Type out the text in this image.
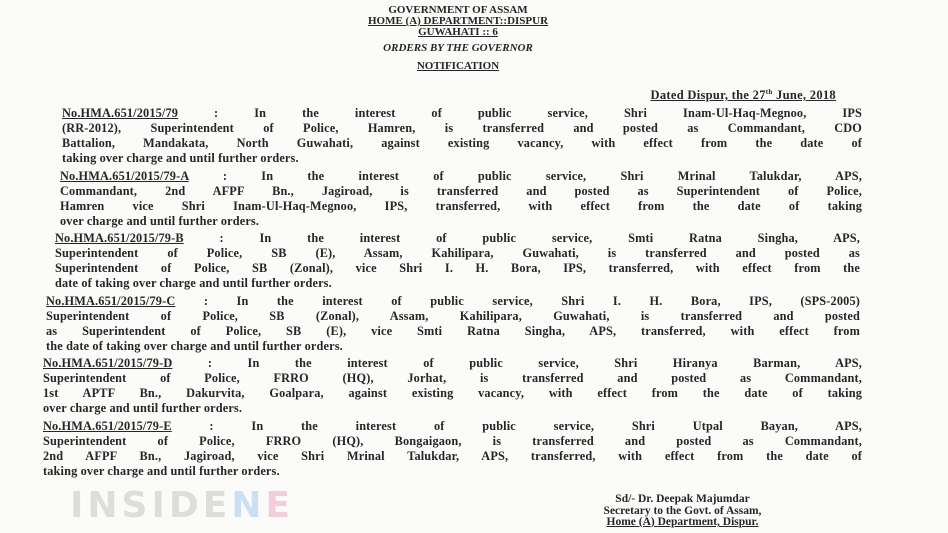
GOVERNMENT OF ASSAM
HOME (A) DEPARTMENT::DISPUR
GUWAHATI :: 6
ORDERS BY THE GOVERNOR
NOTIFICATION
Dated Dispur, the 27th June, 2018
No.HMA.651/2015/79 : In the interest of public service, Shri Inam-Ul-Haq-Megnoo, IPS
(RR-2012), Superintendent of Police, Hamren, is transferred and posted as Commandant, CDO
Battalion, Mandakata, North Guwahati, against existing vacancy, with effect from the date of
taking over charge and until further orders.
No.HMA.651/2015/79-A : In the interest of public service, Shri Mrinal Talukdar, APS,
Commandant, 2nd AFPF Bn., Jagiroad, is transferred and posted as Superintendent of Police,
Hamren vice Shri Inam-Ul-Haq-Megnoo, IPS, transferred, with effect from the date of taking
over charge and until further orders.
No.HMA.651/2015/79-B : In the interest of public service, Smti Ratna Singha, APS,
Superintendent of Police, SB (E), Assam, Kahilipara, Guwahati, is transferred and posted as
Superintendent of Police, SB (Zonal), vice Shri I. H. Bora, IPS, transferred, with effect from the
date of taking over charge and until further orders.
No.HMA.651/2015/79-C : In the interest of public service, Shri I. H. Bora, IPS, (SPS-2005)
Superintendent of Police, SB (Zonal), Assam, Kahilipara, Guwahati, is transferred and posted
as Superintendent of Police, SB (E), vice Smti Ratna Singha, APS, transferred, with effect from
the date of taking over charge and until further orders.
No.HMA.651/2015/79-D : In the interest of public service, Shri Hiranya Barman, APS,
Superintendent of Police, FRRO (HQ), Jorhat, is transferred and posted as Commandant,
1st APTF Bn., Dakurvita, Goalpara, against existing vacancy, with effect from the date of taking
over charge and until further orders.
No.HMA.651/2015/79-E : In the interest of public service, Shri Utpal Bayan, APS,
Superintendent of Police, FRRO (HQ), Bongaigaon, is transferred and posted as Commandant,
2nd AFPF Bn., Jagiroad, vice Shri Mrinal Talukdar, APS, transferred, with effect from the date of
taking over charge and until further orders.
Sd/- Dr. Deepak Majumdar
Secretary to the Govt. of Assam,
Home (A) Department, Dispur.
INSIDENE
